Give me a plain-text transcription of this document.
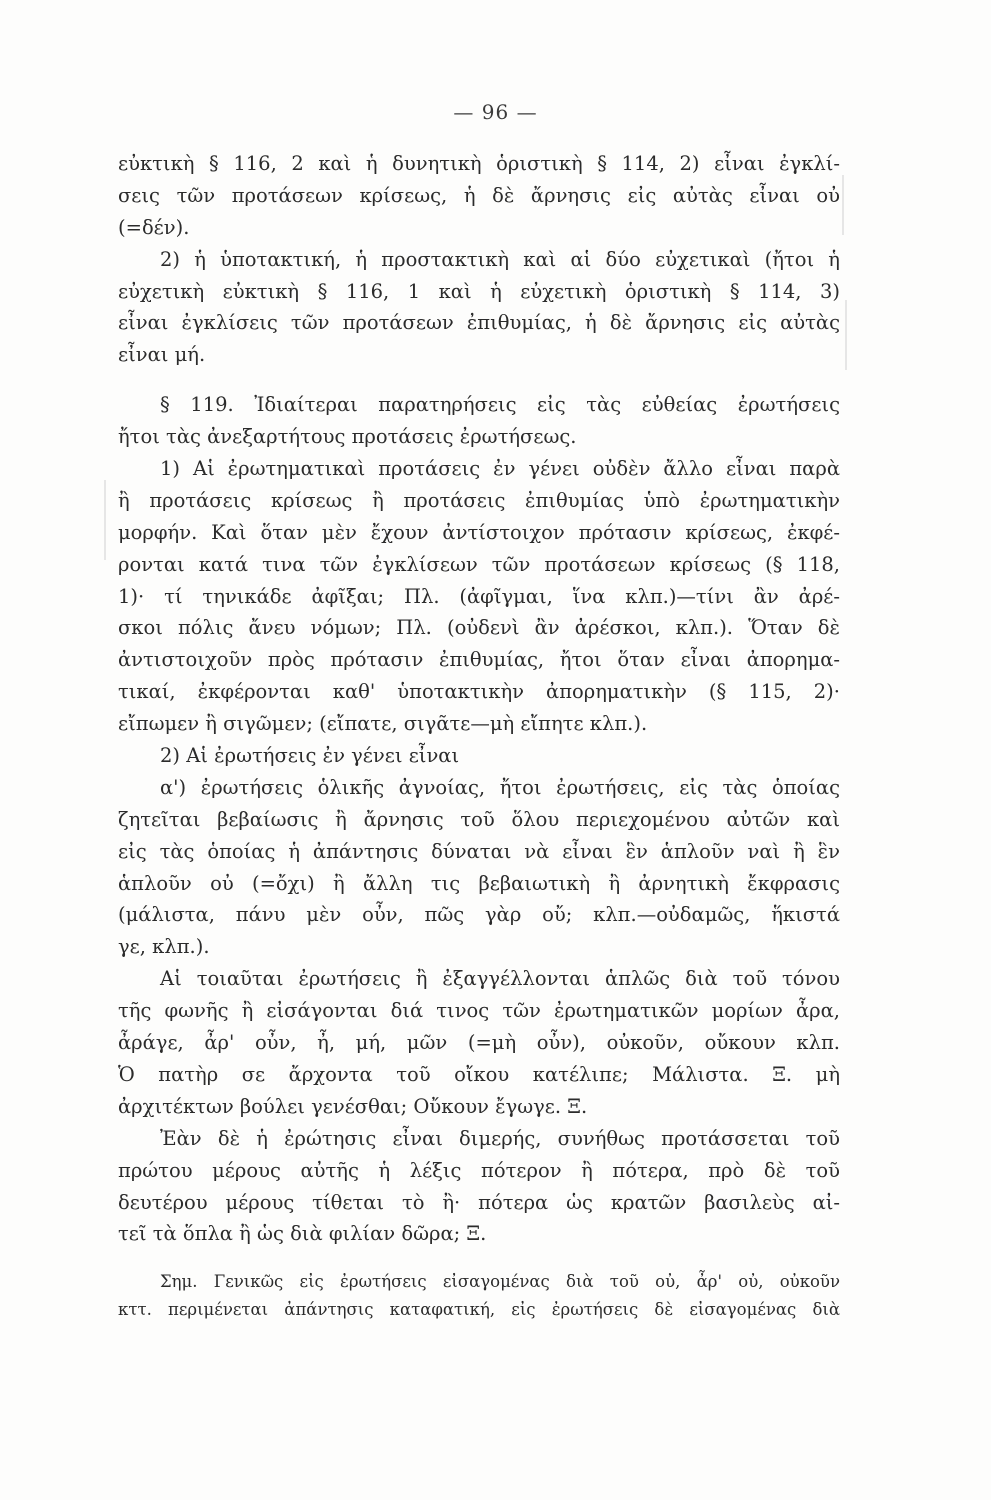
— 96 —
εὐκτικὴ § 116, 2 καὶ ἡ δυνητικὴ ὁριστικὴ § 114, 2) εἶναι ἐγκλί-
σεις τῶν προτάσεων κρίσεως, ἡ δὲ ἄρνησις εἰς αὐτὰς εἶναι οὐ
(=δέν).
2) ἡ ὑποτακτική, ἡ προστακτικὴ καὶ αἱ δύο εὐχετικαὶ (ἤτοι ἡ
εὐχετικὴ εὐκτικὴ § 116, 1 καὶ ἡ εὐχετικὴ ὁριστικὴ § 114, 3)
εἶναι ἐγκλίσεις τῶν προτάσεων ἐπιθυμίας, ἡ δὲ ἄρνησις εἰς αὐτὰς
εἶναι μή.
§ 119. Ἰδιαίτεραι παρατηρήσεις εἰς τὰς εὐθείας ἐρωτήσεις
ἤτοι τὰς ἀνεξαρτήτους προτάσεις ἐρωτήσεως.
1) Αἱ ἐρωτηματικαὶ προτάσεις ἐν γένει οὐδὲν ἄλλο εἶναι παρὰ
ἢ προτάσεις κρίσεως ἢ προτάσεις ἐπιθυμίας ὑπὸ ἐρωτηματικὴν
μορφήν. Καὶ ὅταν μὲν ἔχουν ἀντίστοιχον πρότασιν κρίσεως, ἐκφέ-
ρονται κατά τινα τῶν ἐγκλίσεων τῶν προτάσεων κρίσεως (§ 118,
1)· τί τηνικάδε ἀφῖξαι; Πλ. (ἀφῖγμαι, ἵνα κλπ.)—τίνι ἂν ἀρέ-
σκοι πόλις ἄνευ νόμων; Πλ. (οὐδενὶ ἂν ἀρέσκοι, κλπ.). Ὅταν δὲ
ἀντιστοιχοῦν πρὸς πρότασιν ἐπιθυμίας, ἤτοι ὅταν εἶναι ἀπορημα-
τικαί, ἐκφέρονται καθ' ὑποτακτικὴν ἀπορηματικὴν (§ 115, 2)·
εἴπωμεν ἢ σιγῶμεν; (εἴπατε, σιγᾶτε—μὴ εἴπητε κλπ.).
2) Αἱ ἐρωτήσεις ἐν γένει εἶναι
α') ἐρωτήσεις ὁλικῆς ἀγνοίας, ἤτοι ἐρωτήσεις, εἰς τὰς ὁποίας
ζητεῖται βεβαίωσις ἢ ἄρνησις τοῦ ὅλου περιεχομένου αὐτῶν καὶ
εἰς τὰς ὁποίας ἡ ἀπάντησις δύναται νὰ εἶναι ἓν ἁπλοῦν ναὶ ἢ ἓν
ἁπλοῦν οὐ (=ὄχι) ἢ ἄλλη τις βεβαιωτικὴ ἢ ἀρνητικὴ ἔκφρασις
(μάλιστα, πάνυ μὲν οὖν, πῶς γὰρ οὔ; κλπ.—οὐδαμῶς, ἥκιστά
γε, κλπ.).
Αἱ τοιαῦται ἐρωτήσεις ἢ ἐξαγγέλλονται ἁπλῶς διὰ τοῦ τόνου
τῆς φωνῆς ἢ εἰσάγονται διά τινος τῶν ἐρωτηματικῶν μορίων ἆρα,
ἆράγε, ἆρ' οὖν, ἦ, μή, μῶν (=μὴ οὖν), οὐκοῦν, οὔκουν κλπ.
Ὁ πατὴρ σε ἄρχοντα τοῦ οἴκου κατέλιπε; Μάλιστα. Ξ. μὴ
ἀρχιτέκτων βούλει γενέσθαι; Οὔκουν ἔγωγε. Ξ.
Ἐὰν δὲ ἡ ἐρώτησις εἶναι διμερής, συνήθως προτάσσεται τοῦ
πρώτου μέρους αὐτῆς ἡ λέξις πότερον ἢ πότερα, πρὸ δὲ τοῦ
δευτέρου μέρους τίθεται τὸ ἢ· πότερα ὡς κρατῶν βασιλεὺς αἰ-
τεῖ τὰ ὅπλα ἢ ὡς διὰ φιλίαν δῶρα; Ξ.
Σημ. Γενικῶς εἰς ἐρωτήσεις εἰσαγομένας διὰ τοῦ οὐ, ἆρ' οὐ, οὐκοῦν
κττ. περιμένεται ἀπάντησις καταφατική, εἰς ἐρωτήσεις δὲ εἰσαγομένας διὰ
